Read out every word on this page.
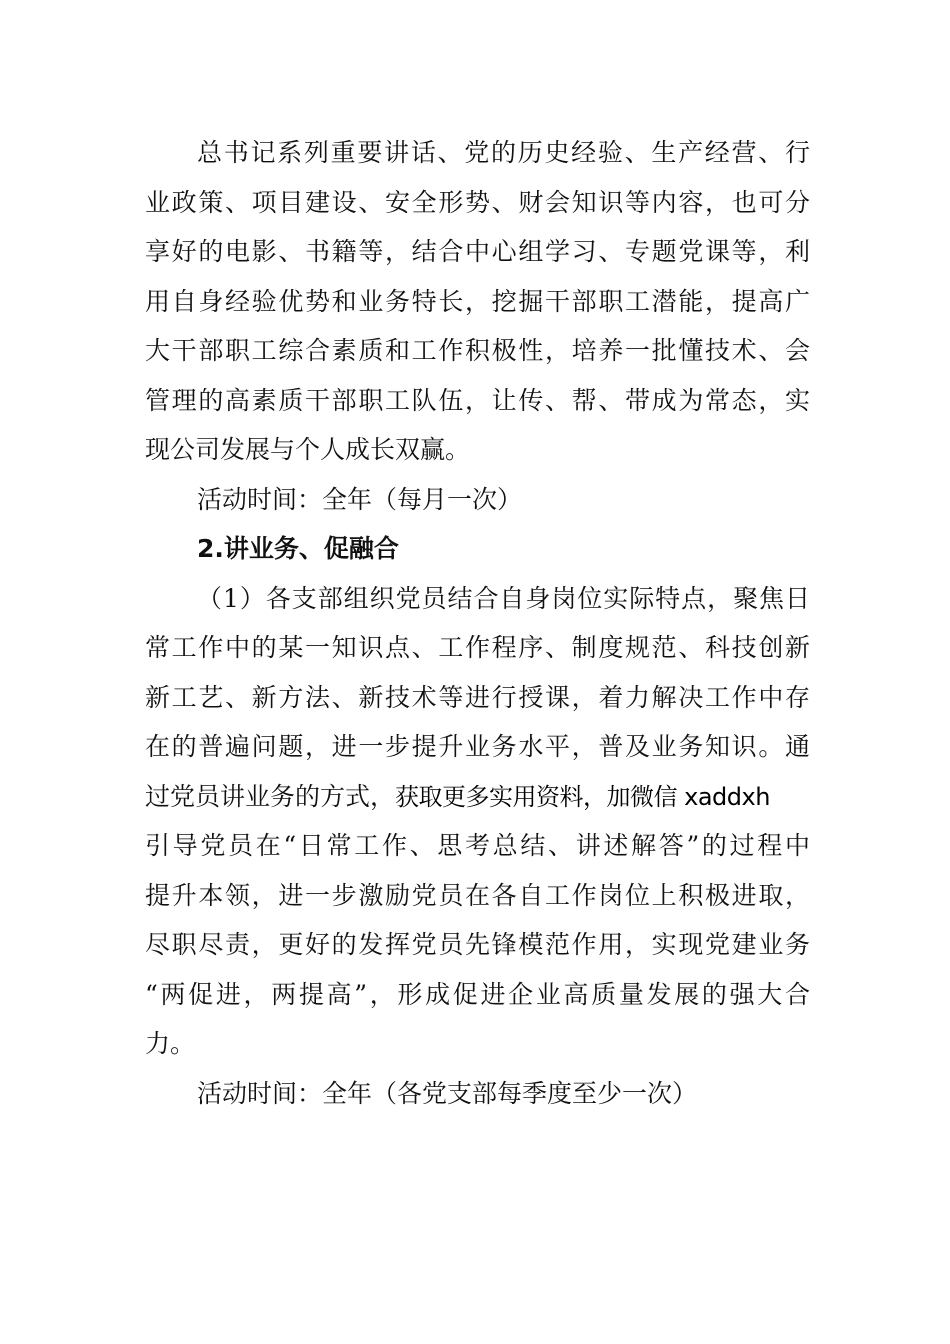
总书记系列重要讲话、党的历史经验、生产经营、行
业政策、项目建设、安全形势、财会知识等内容，也可分
享好的电影、书籍等，结合中心组学习、专题党课等，利
用自身经验优势和业务特长，挖掘干部职工潜能，提高广
大干部职工综合素质和工作积极性，培养一批懂技术、会
管理的高素质干部职工队伍，让传、帮、带成为常态，实
现公司发展与个人成长双赢。
活动时间：全年（每月一次）
2.讲业务、促融合
（1）各支部组织党员结合自身岗位实际特点，聚焦日
常工作中的某一知识点、工作程序、制度规范、科技创新
新工艺、新方法、新技术等进行授课，着力解决工作中存
在的普遍问题，进一步提升业务水平，普及业务知识。通
过党员讲业务的方式，获取更多实用资料，加微信 xaddxh
引导党员在“日常工作、思考总结、讲述解答”的过程中
提升本领，进一步激励党员在各自工作岗位上积极进取，
尽职尽责，更好的发挥党员先锋模范作用，实现党建业务
“两促进，两提高”，形成促进企业高质量发展的强大合
力。
活动时间：全年（各党支部每季度至少一次）
